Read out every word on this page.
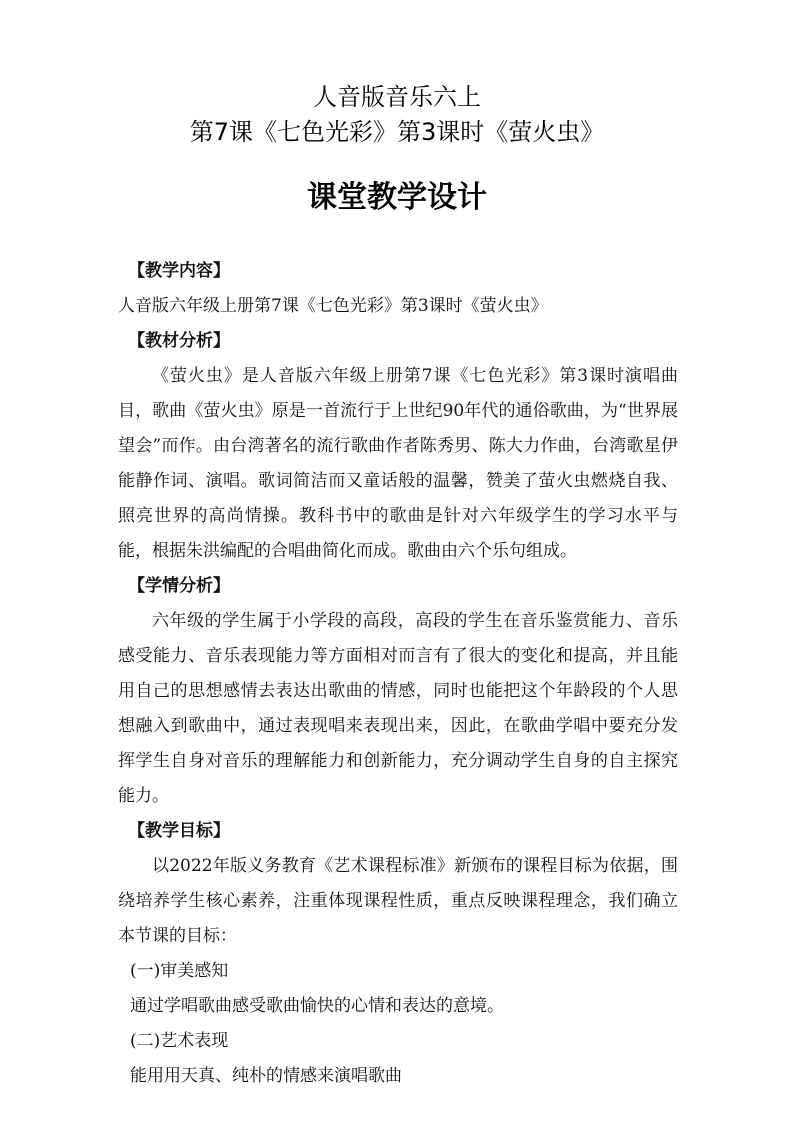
人音版音乐六上
第7课《七色光彩》第3课时《萤火虫》
课堂教学设计
【教学内容】
人音版六年级上册第7课《七色光彩》第3课时《萤火虫》
【教材分析】

《萤火虫》是人音版六年级上册第7课《七色光彩》第3课时演唱曲目，歌曲《萤火虫》原是一首流行于上世纪90年代的通俗歌曲，为“世界展望会”而作。由台湾著名的流行歌曲作者陈秀男、陈大力作曲，台湾歌星伊能静作词、演唱。歌词简洁而又童话般的温馨，赞美了萤火虫燃烧自我、照亮世界的高尚情操。教科书中的歌曲是针对六年级学生的学习水平与能，根据朱洪编配的合唱曲简化而成。歌曲由六个乐句组成。

【学情分析】

六年级的学生属于小学段的高段，高段的学生在音乐鉴赏能力、音乐感受能力、音乐表现能力等方面相对而言有了很大的变化和提高，并且能用自己的思想感情去表达出歌曲的情感，同时也能把这个年龄段的个人思想融入到歌曲中，通过表现唱来表现出来，因此，在歌曲学唱中要充分发挥学生自身对音乐的理解能力和创新能力，充分调动学生自身的自主探究能力。

【教学目标】

以2022年版义务教育《艺术课程标准》新颁布的课程目标为依据，围绕培养学生核心素养，注重体现课程性质，重点反映课程理念，我们确立本节课的目标：

(一)审美感知
通过学唱歌曲感受歌曲愉快的心情和表达的意境。
(二)艺术表现
能用用天真、纯朴的情感来演唱歌曲
